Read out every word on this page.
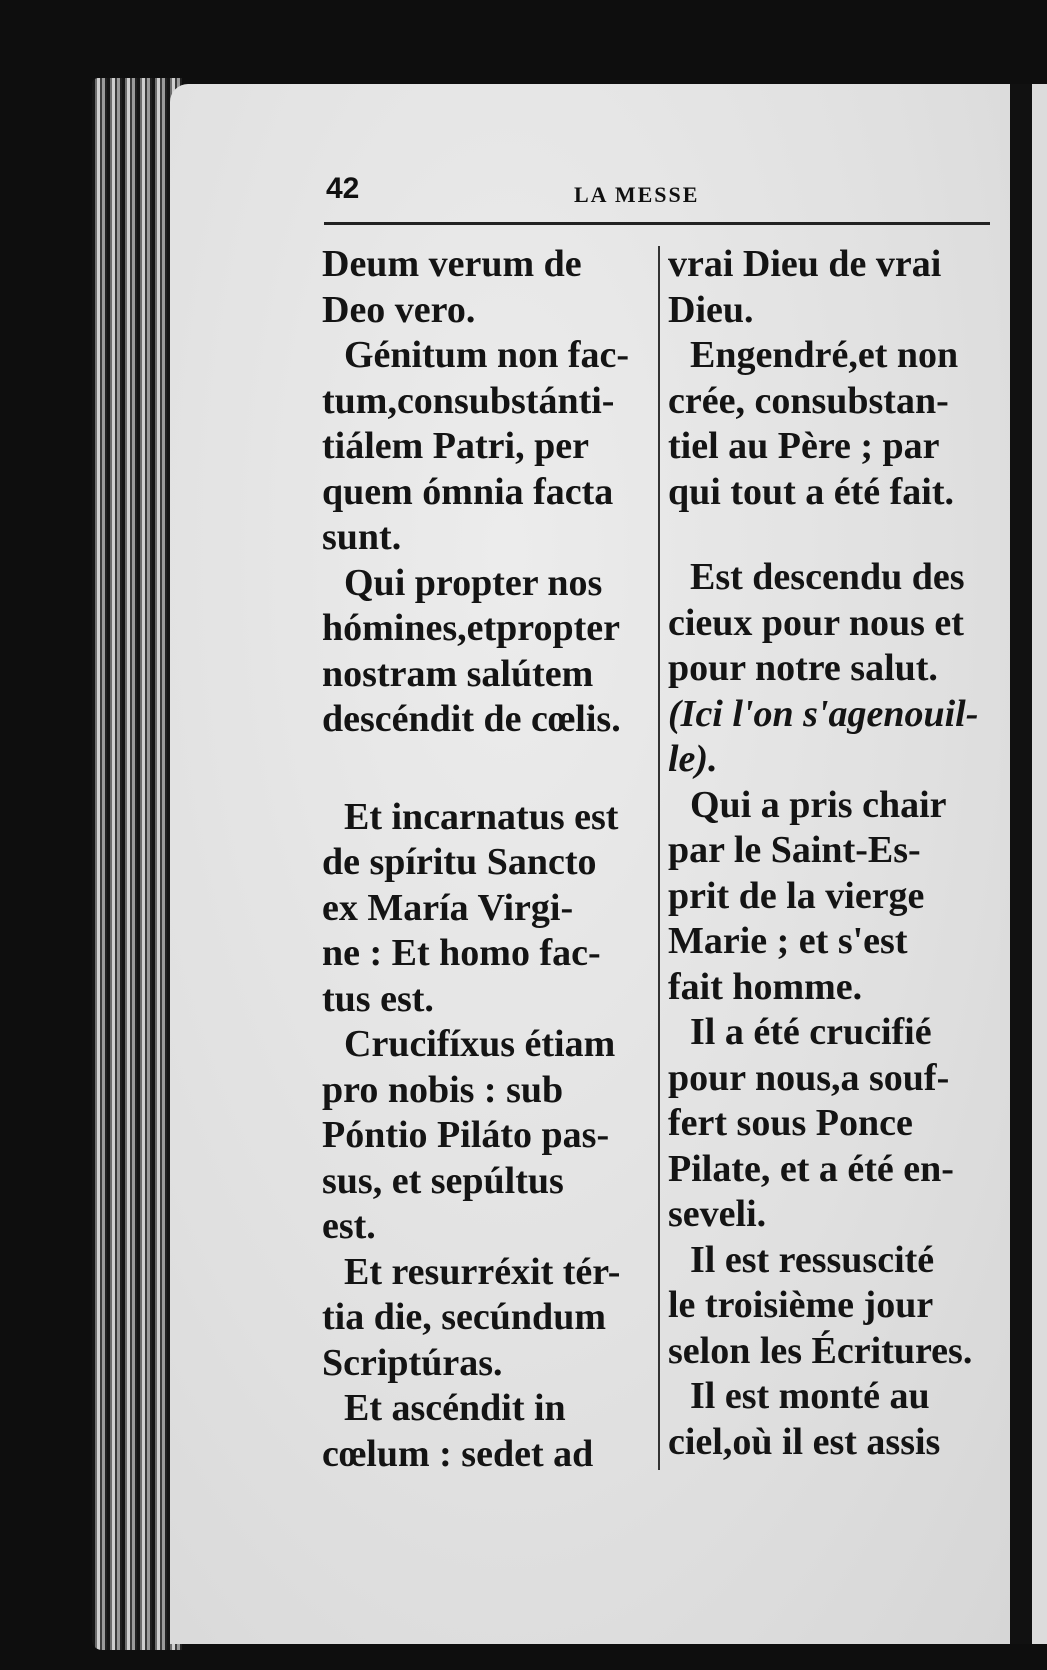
42	LA MESSE

Deum verum de
Deo vero.

Génitum non fac-
tum,consubstánti-
tiálem Patri, per
quem ómnia facta
sunt.

Qui propter nos
hómines,etpropter
nostram salútem
descéndit de cœlis.

Et incarnatus est
de spíritu Sancto
ex María Virgi-
ne : Et homo fac-
tus est.

Crucifíxus étiam
pro nobis : sub
Póntio Piláto pas-
sus, et sepúltus
est.

Et resurréxit tér-
tia die, secúndum
Scriptúras.

Et ascéndit in
cœlum : sedet ad

vrai Dieu de vrai
Dieu.

Engendré,et non
crée, consubstan-
tiel au Père ; par
qui tout a été fait.

Est descendu des
cieux pour nous et
pour notre salut.

(Ici l'on s'agenouil-
le).

Qui a pris chair
par le Saint-Es-
prit de la vierge
Marie ; et s'est
fait homme.

Il a été crucifié
pour nous,a souf-
fert sous Ponce
Pilate, et a été en-
seveli.

Il est ressuscité
le troisième jour
selon les Écritures.

Il est monté au
ciel,où il est assis
